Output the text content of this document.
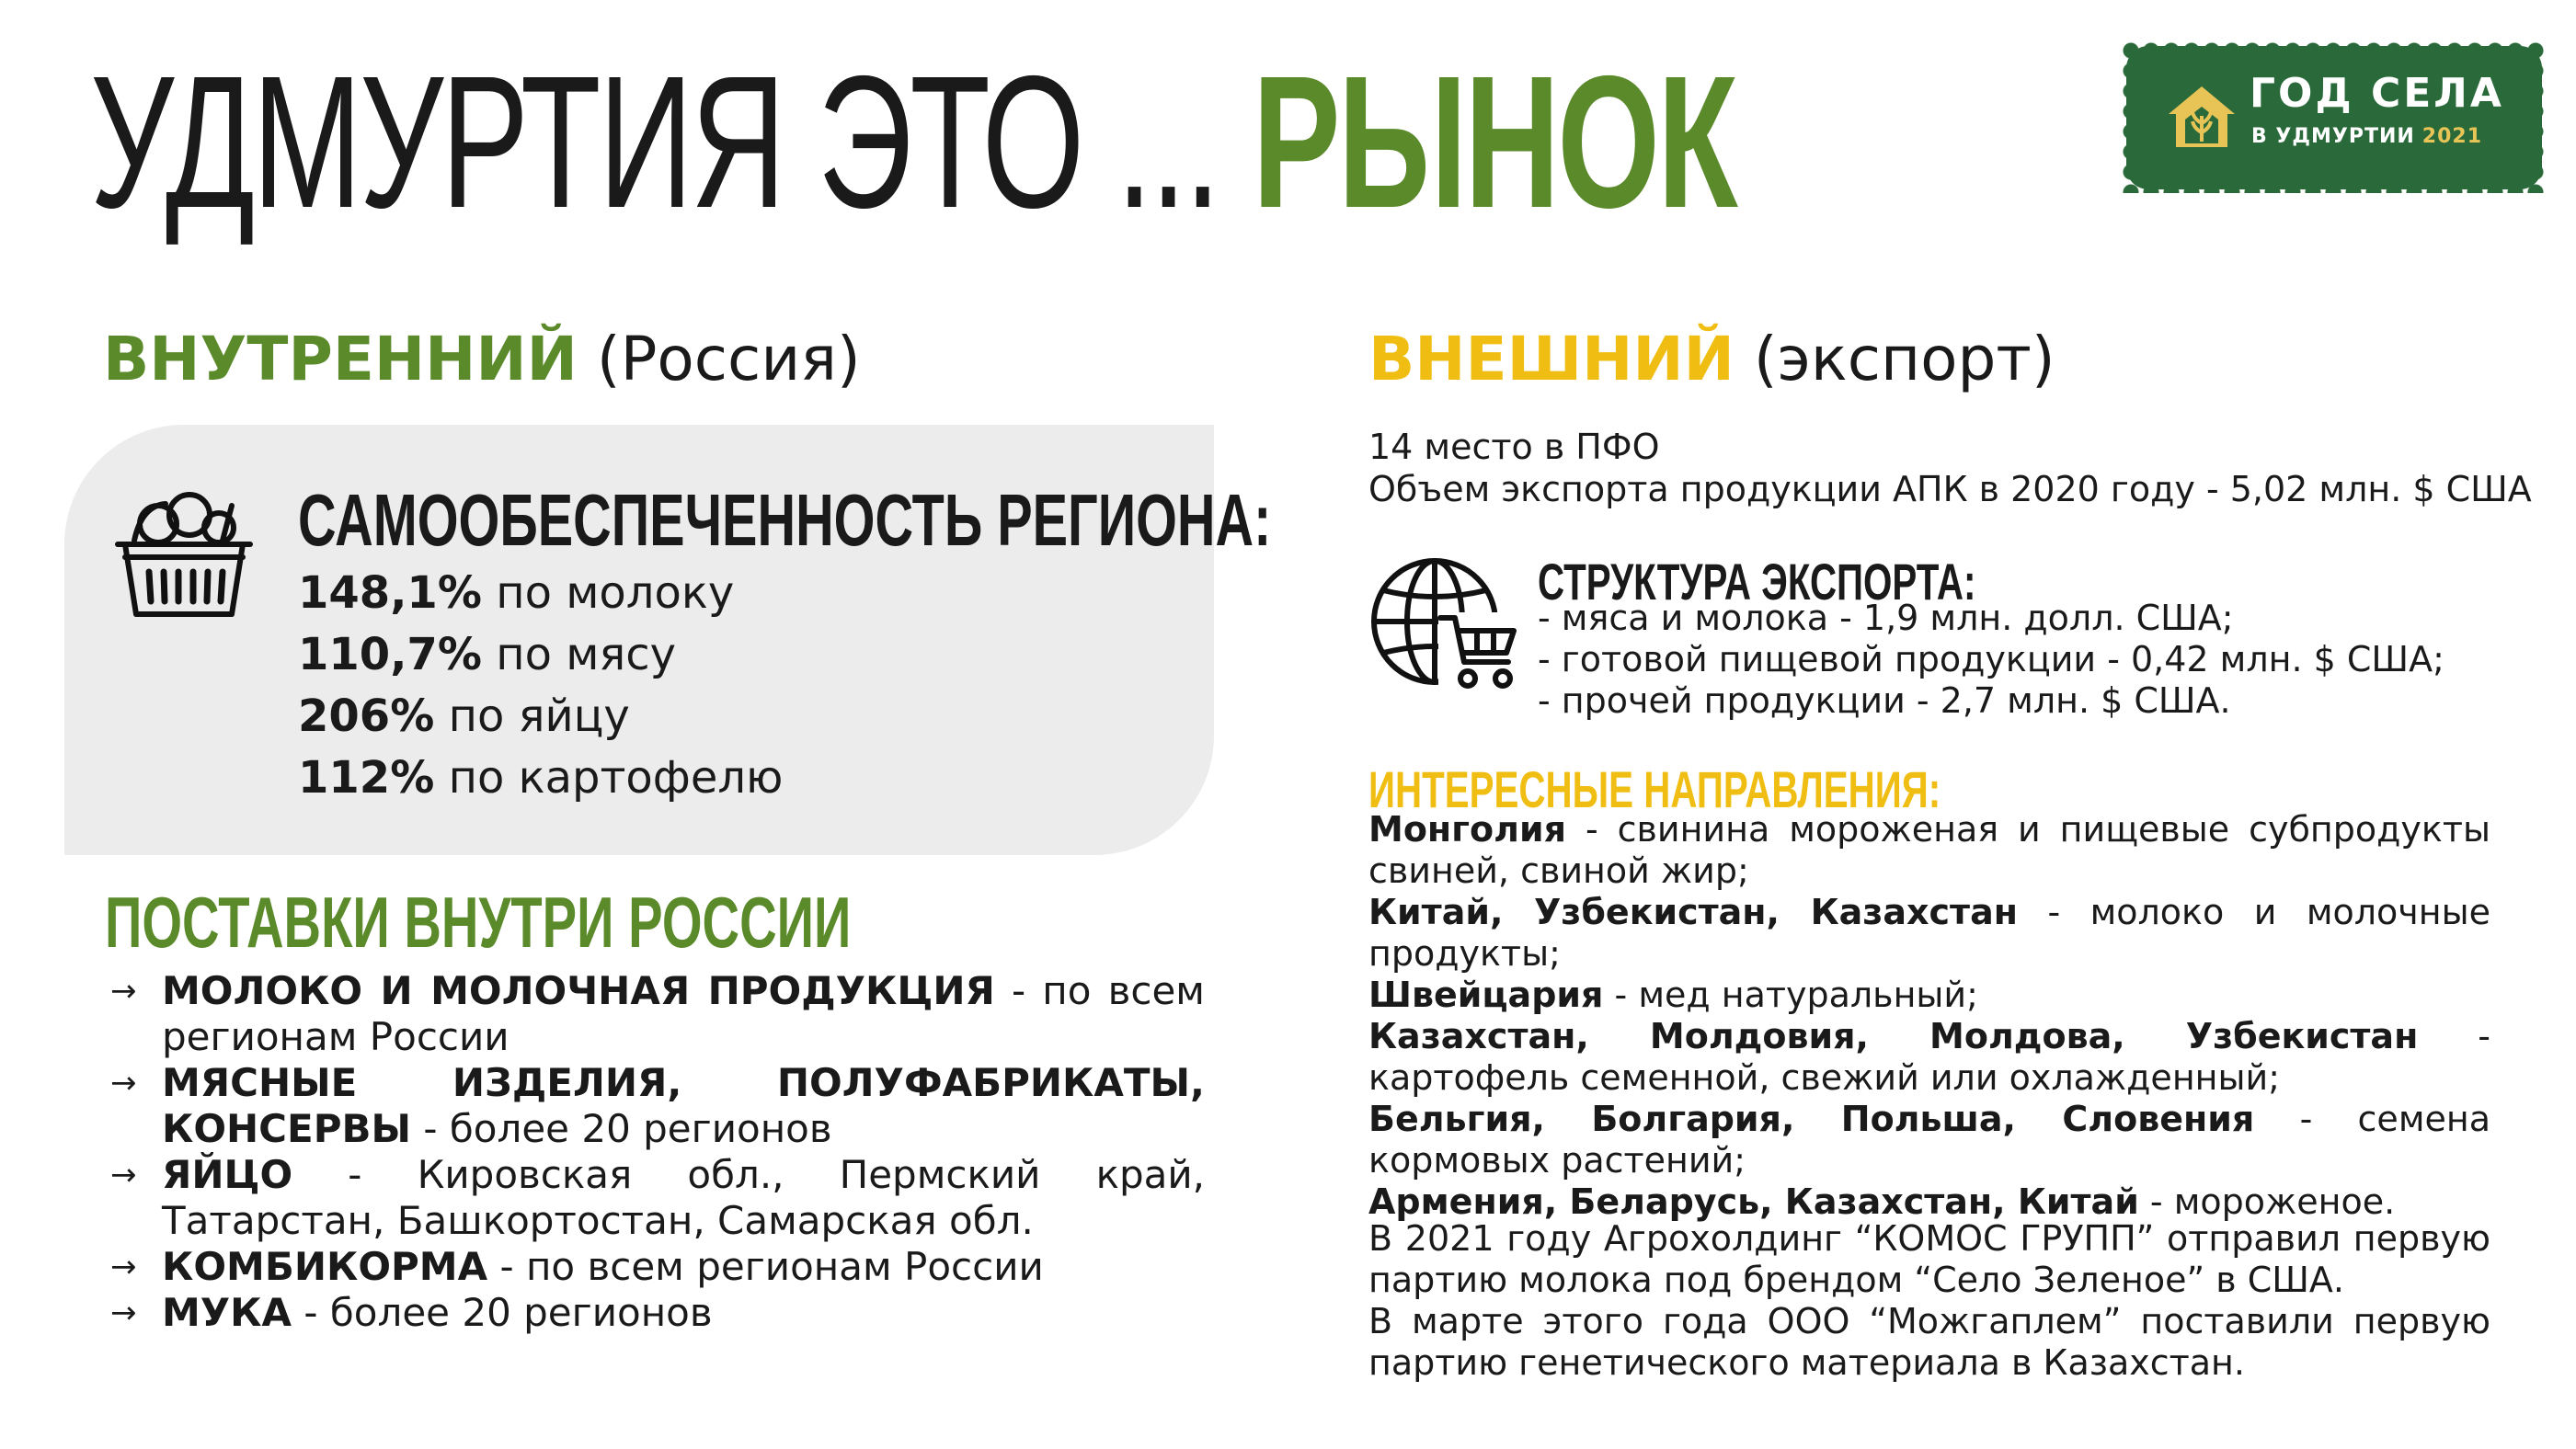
УДМУРТИЯ ЭТО ... РЫНОК	ГОД СЕЛА
В УДМУРТИИ 2021
ВНУТРЕННИЙ (Россия)	ВНЕШНИЙ (экспорт)
САМООБЕСПЕЧЕННОСТЬ РЕГИОНА:
148,1% по молоку
110,7% по мясу
206% по яйцу
112% по картофелю
ПОСТАВКИ ВНУТРИ РОССИИ
→ МОЛОКО И МОЛОЧНАЯ ПРОДУКЦИЯ - по всем регионам России
→ МЯСНЫЕ ИЗДЕЛИЯ, ПОЛУФАБРИКАТЫ, КОНСЕРВЫ - более 20 регионов
→ ЯЙЦО - Кировская обл., Пермский край, Татарстан, Башкортостан, Самарская обл.
→ КОМБИКОРМА - по всем регионам России
→ МУКА - более 20 регионов
14 место в ПФО
Объем экспорта продукции АПК в 2020 году - 5,02 млн. $ США
СТРУКТУРА ЭКСПОРТА:
- мяса и молока - 1,9 млн. долл. США;
- готовой пищевой продукции - 0,42 млн. $ США;
- прочей продукции - 2,7 млн. $ США.
ИНТЕРЕСНЫЕ НАПРАВЛЕНИЯ:
Монголия - свинина мороженая и пищевые субпродукты свиней, свиной жир;
Китай, Узбекистан, Казахстан - молоко и молочные продукты;
Швейцария - мед натуральный;
Казахстан, Молдовия, Молдова, Узбекистан - картофель семенной, свежий или охлажденный;
Бельгия, Болгария, Польша, Словения - семена кормовых растений;
Армения, Беларусь, Казахстан, Китай - мороженое.

В 2021 году Агрохолдинг “КОМОС ГРУПП” отправил первую партию молока под брендом “Село Зеленое” в США.

В марте этого года ООО “Можгаплем” поставили первую партию генетического материала в Казахстан.
